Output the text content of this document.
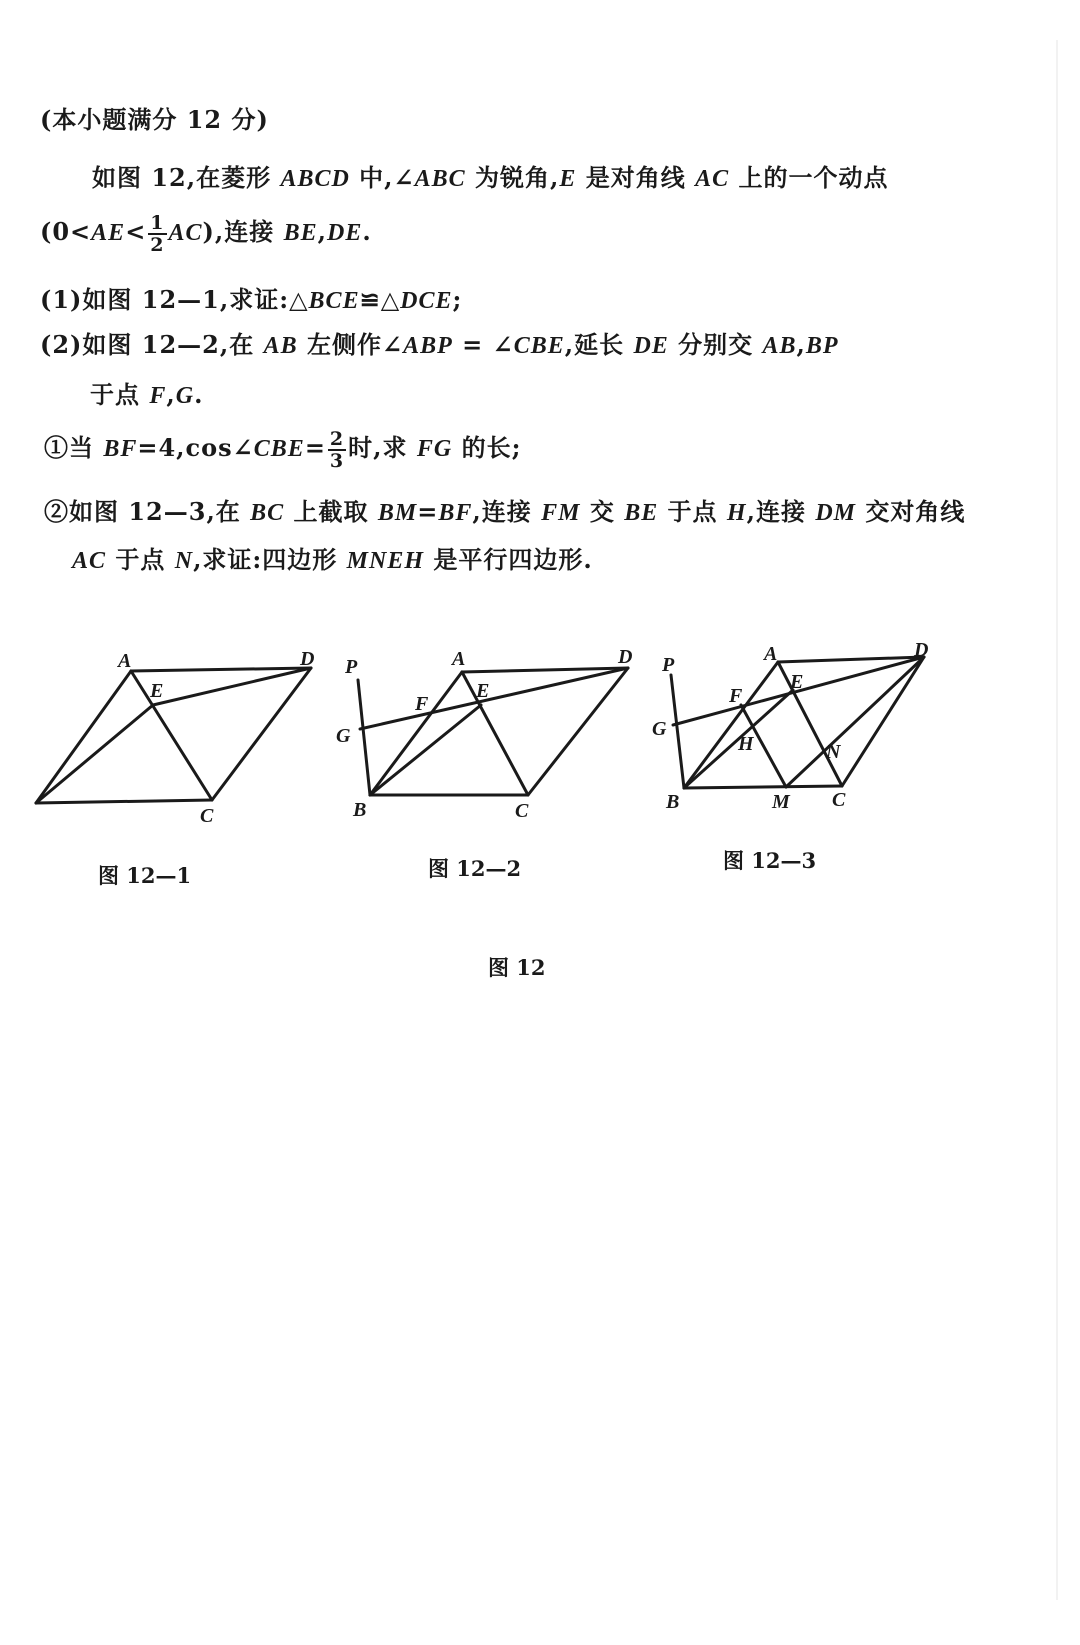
(本小题满分 12 分)
如图 12,在菱形 ABCD 中,∠ABC 为锐角,E 是对角线 AC 上的一个动点
$(0<AE< \frac{1}{2} AC)$,连接 BE,DE.
(1)如图 12—1,求证:△BCE≌△DCE;
(2)如图 12—2,在 AB 左侧作∠ABP = ∠CBE,延长 DE 分别交 AB,BP
于点 F,G.
①当 BF=4,cos∠CBE= $\frac{2}{3}$ 时,求 FG 的长;
②如图 12—3,在 BC 上截取 BM=BF,连接 FM 交 BE 于点 H,连接 DM 交对角线
AC 于点 N,求证:四边形 MNEH 是平行四边形.
A	D
E
C
P	A	D
F
E
G
B	C
P	A	D
F
E
G
H	N
B	M C
图 12—1	图 12—2	图 12—3
图 12
